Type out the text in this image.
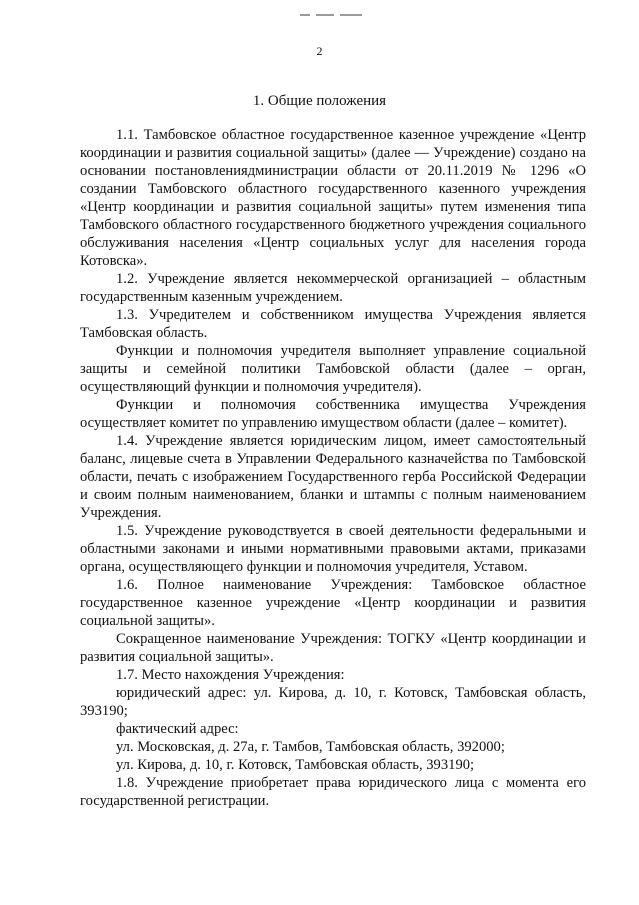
2
1. Общие положения

1.1. Тамбовское областное государственное казенное учреждение «Центр координации и развития социальной защиты» (далее — Учреждение) создано на основании постановлениядминистрации области от 20.11.2019 № 1296 «О создании Тамбовского областного государственного казенного учреждения «Центр координации и развития социальной защиты» путем изменения типа Тамбовского областного государственного бюджетного учреждения социального обслуживания населения «Центр социальных услуг для населения города Котовска».

1.2. Учреждение является некоммерческой организацией – областным государственным казенным учреждением.

1.3. Учредителем и собственником имущества Учреждения является Тамбовская область.

Функции и полномочия учредителя выполняет управление социальной защиты и семейной политики Тамбовской области (далее – орган, осуществляющий функции и полномочия учредителя).

Функции и полномочия собственника имущества Учреждения осуществляет комитет по управлению имуществом области (далее – комитет).

1.4. Учреждение является юридическим лицом, имеет самостоятельный баланс, лицевые счета в Управлении Федерального казначейства по Тамбовской области, печать с изображением Государственного герба Российской Федерации и своим полным наименованием, бланки и штампы с полным наименованием Учреждения.

1.5. Учреждение руководствуется в своей деятельности федеральными и областными законами и иными нормативными правовыми актами, приказами органа, осуществляющего функции и полномочия учредителя, Уставом.

1.6. Полное наименование Учреждения: Тамбовское областное государственное казенное учреждение «Центр координации и развития социальной защиты».

Сокращенное наименование Учреждения: ТОГКУ «Центр координации и развития социальной защиты».

1.7. Место нахождения Учреждения:

юридический адрес: ул. Кирова, д. 10, г. Котовск, Тамбовская область, 393190;

фактический адрес:

ул. Московская, д. 27а, г. Тамбов, Тамбовская область, 392000;

ул. Кирова, д. 10, г. Котовск, Тамбовская область, 393190;

1.8. Учреждение приобретает права юридического лица с момента его государственной регистрации.
